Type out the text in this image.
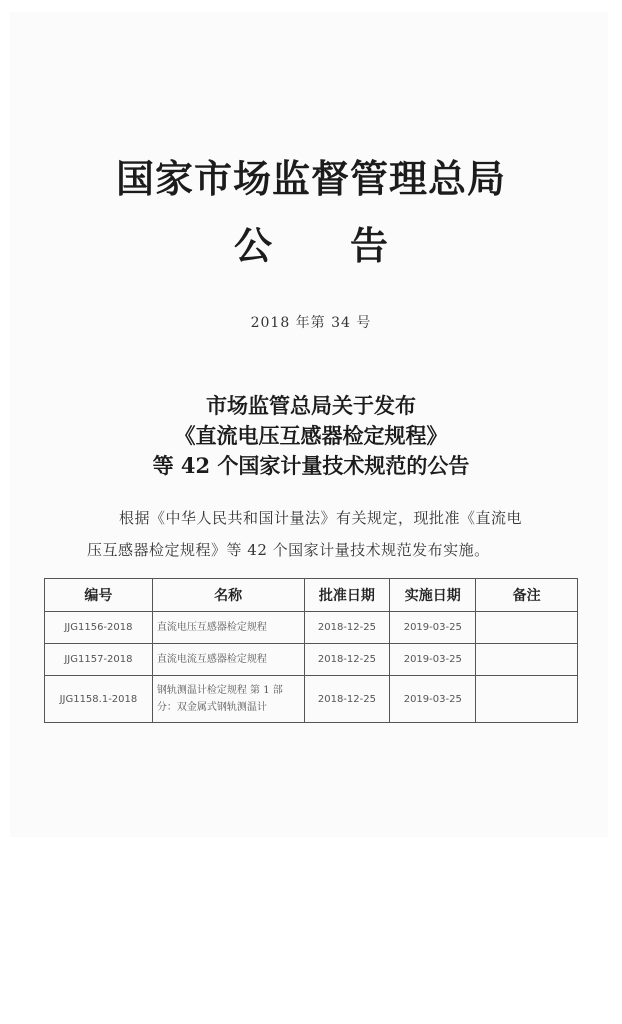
国家市场监督管理总局
公告
2018 年第 34 号
市场监管总局关于发布
《直流电压互感器检定规程》
等 42 个国家计量技术规范的公告
根据《中华人民共和国计量法》有关规定，现批准《直流电
压互感器检定规程》等 42 个国家计量技术规范发布实施。
编号	名称	批准日期	实施日期	备注
JJG1156-2018	直流电压互感器检定规程	2018-12-25	2019-03-25	
JJG1157-2018	直流电流互感器检定规程	2018-12-25	2019-03-25	
JJG1158.1-2018	钢轨测温计检定规程 第 1 部分：双金属式钢轨测温计	2018-12-25	2019-03-25	
